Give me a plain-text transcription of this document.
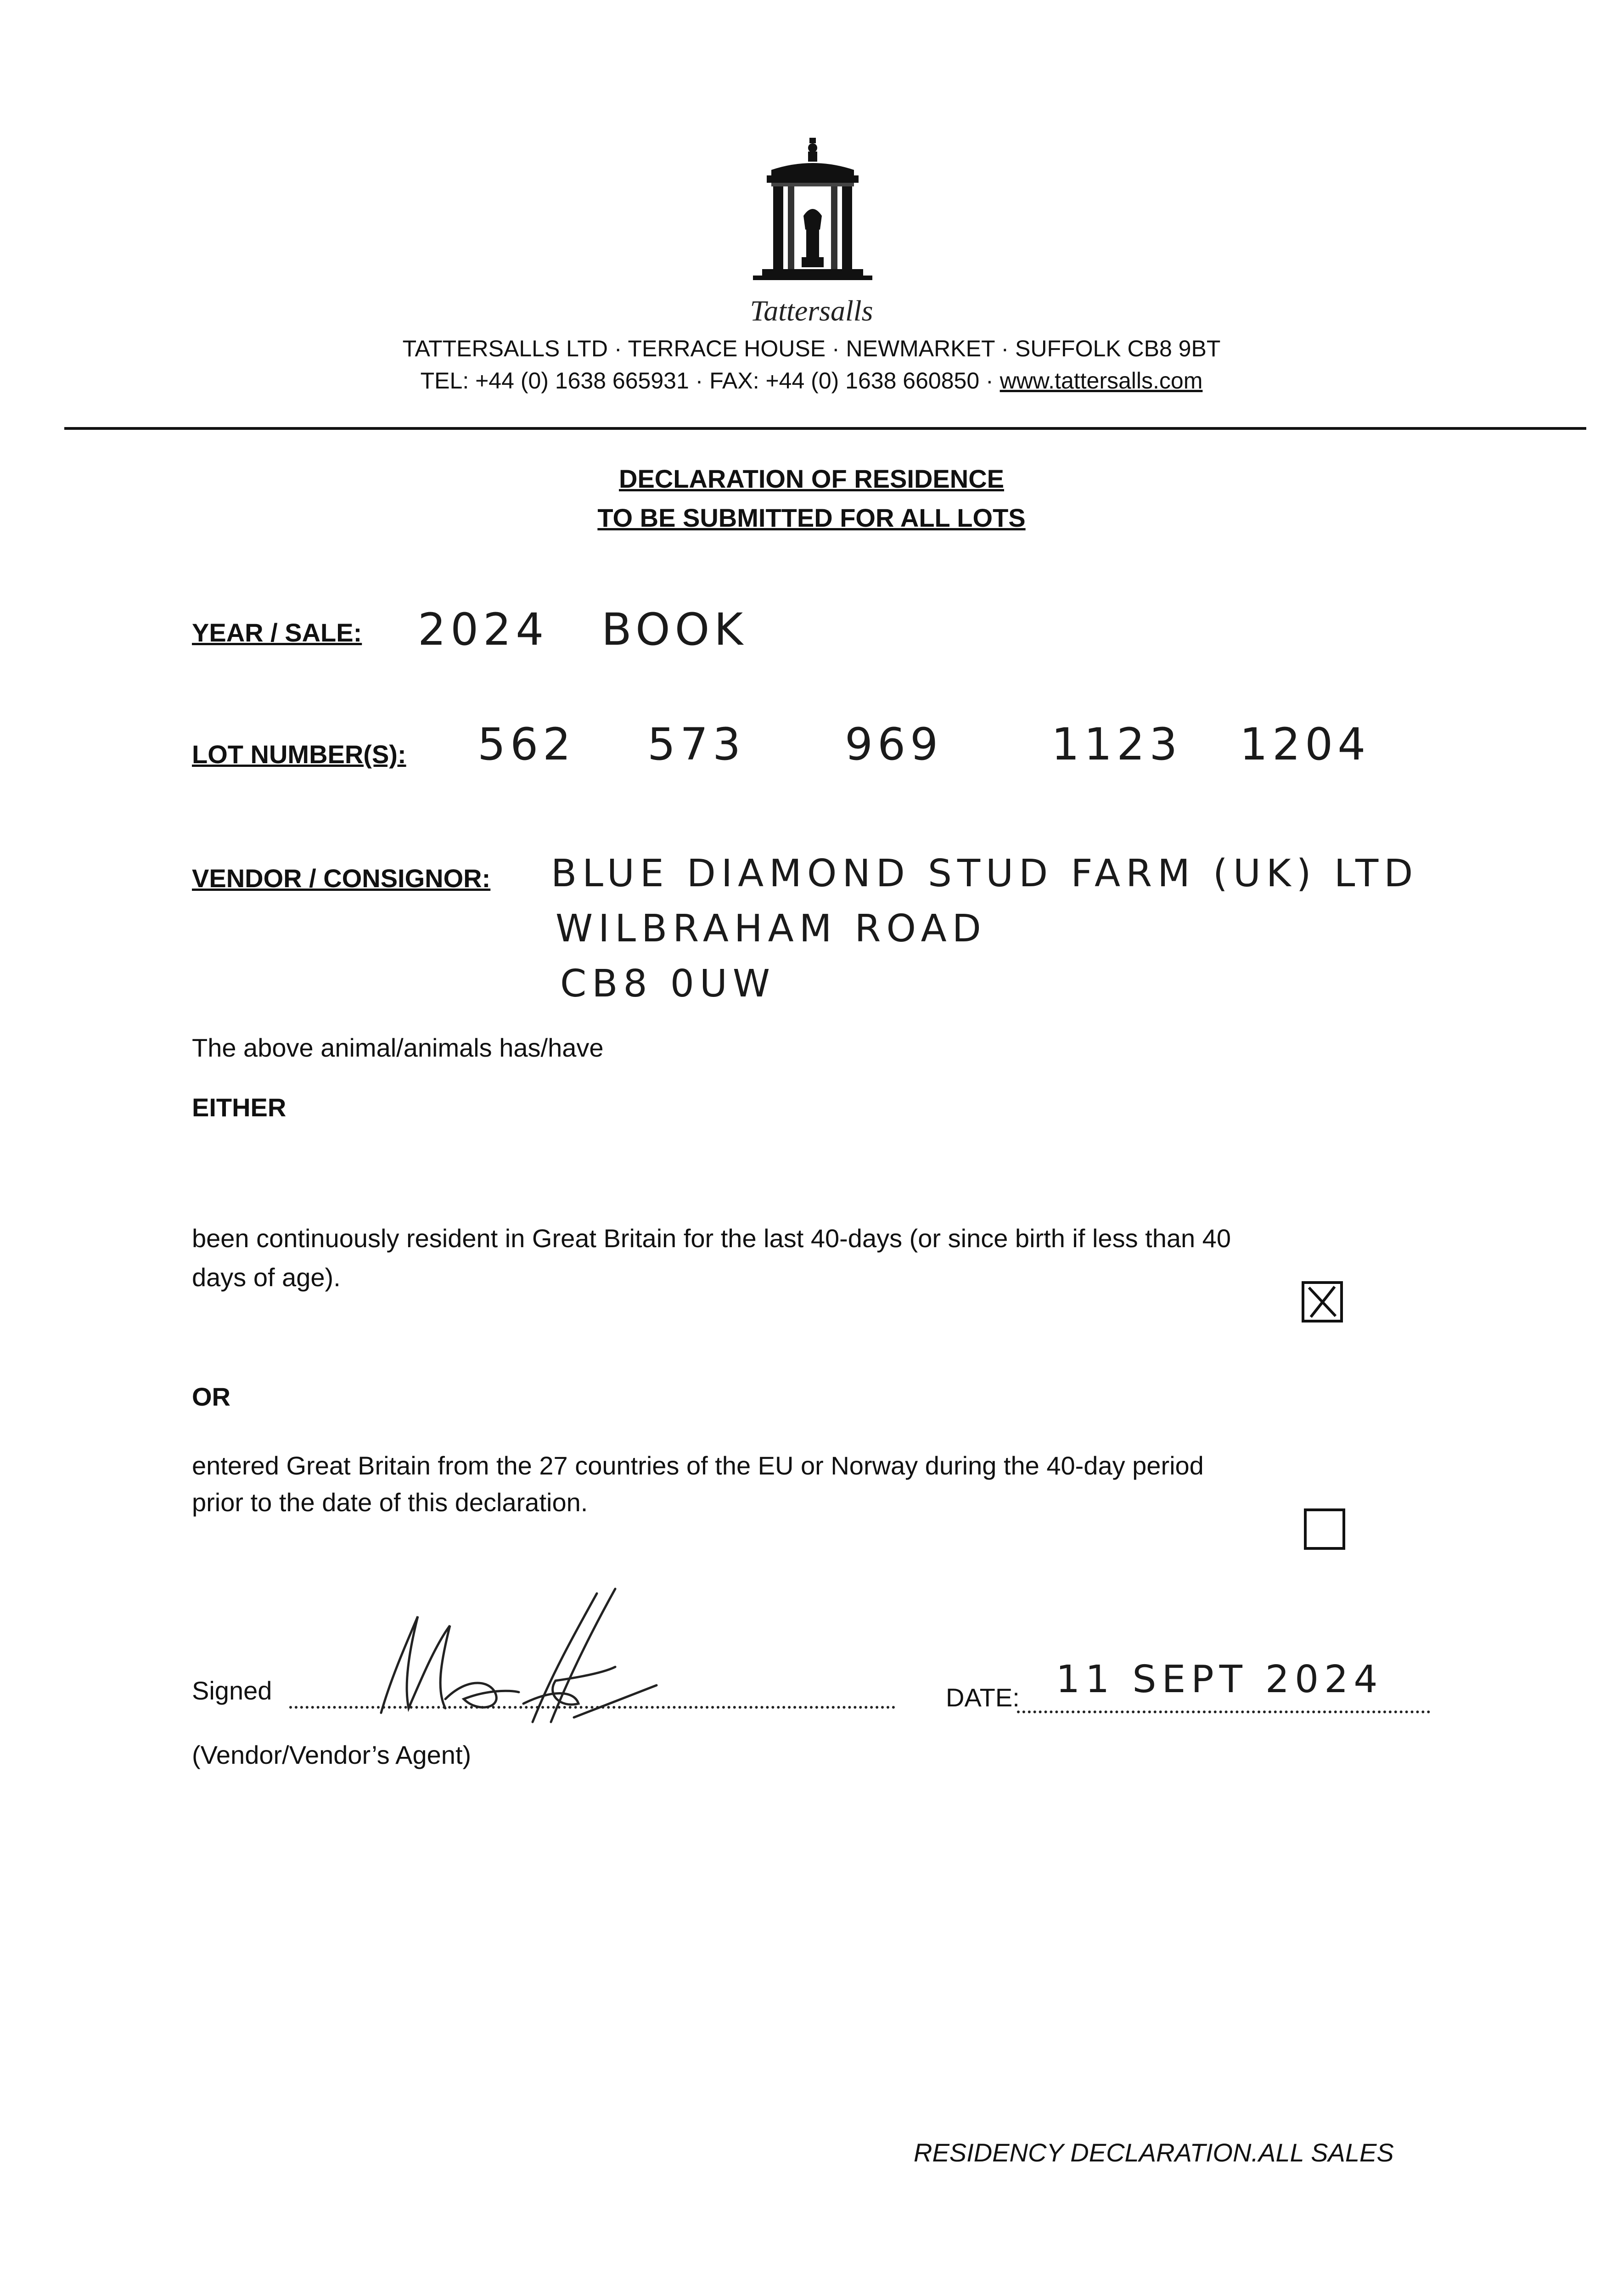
Tattersalls
TATTERSALLS LTD · TERRACE HOUSE · NEWMARKET · SUFFOLK CB8 9BT
TEL: +44 (0) 1638 665931 · FAX: +44 (0) 1638 660850 · www.tattersalls.com
DECLARATION OF RESIDENCE
TO BE SUBMITTED FOR ALL LOTS
YEAR / SALE: 2024 BOOK
LOT NUMBER(S): 562 573 969 1123 1204
VENDOR / CONSIGNOR: BLUE DIAMOND STUD FARM (UK) LTD
WILBRAHAM ROAD
CB8 0UW
The above animal/animals has/have
EITHER
been continuously resident in Great Britain for the last 40-days (or since birth if less than 40
days of age).
OR
entered Great Britain from the 27 countries of the EU or Norway during the 40-day period
prior to the date of this declaration.
Signed	DATE: 11 SEPT 2024
(Vendor/Vendor’s Agent)
RESIDENCY DECLARATION.ALL SALES
